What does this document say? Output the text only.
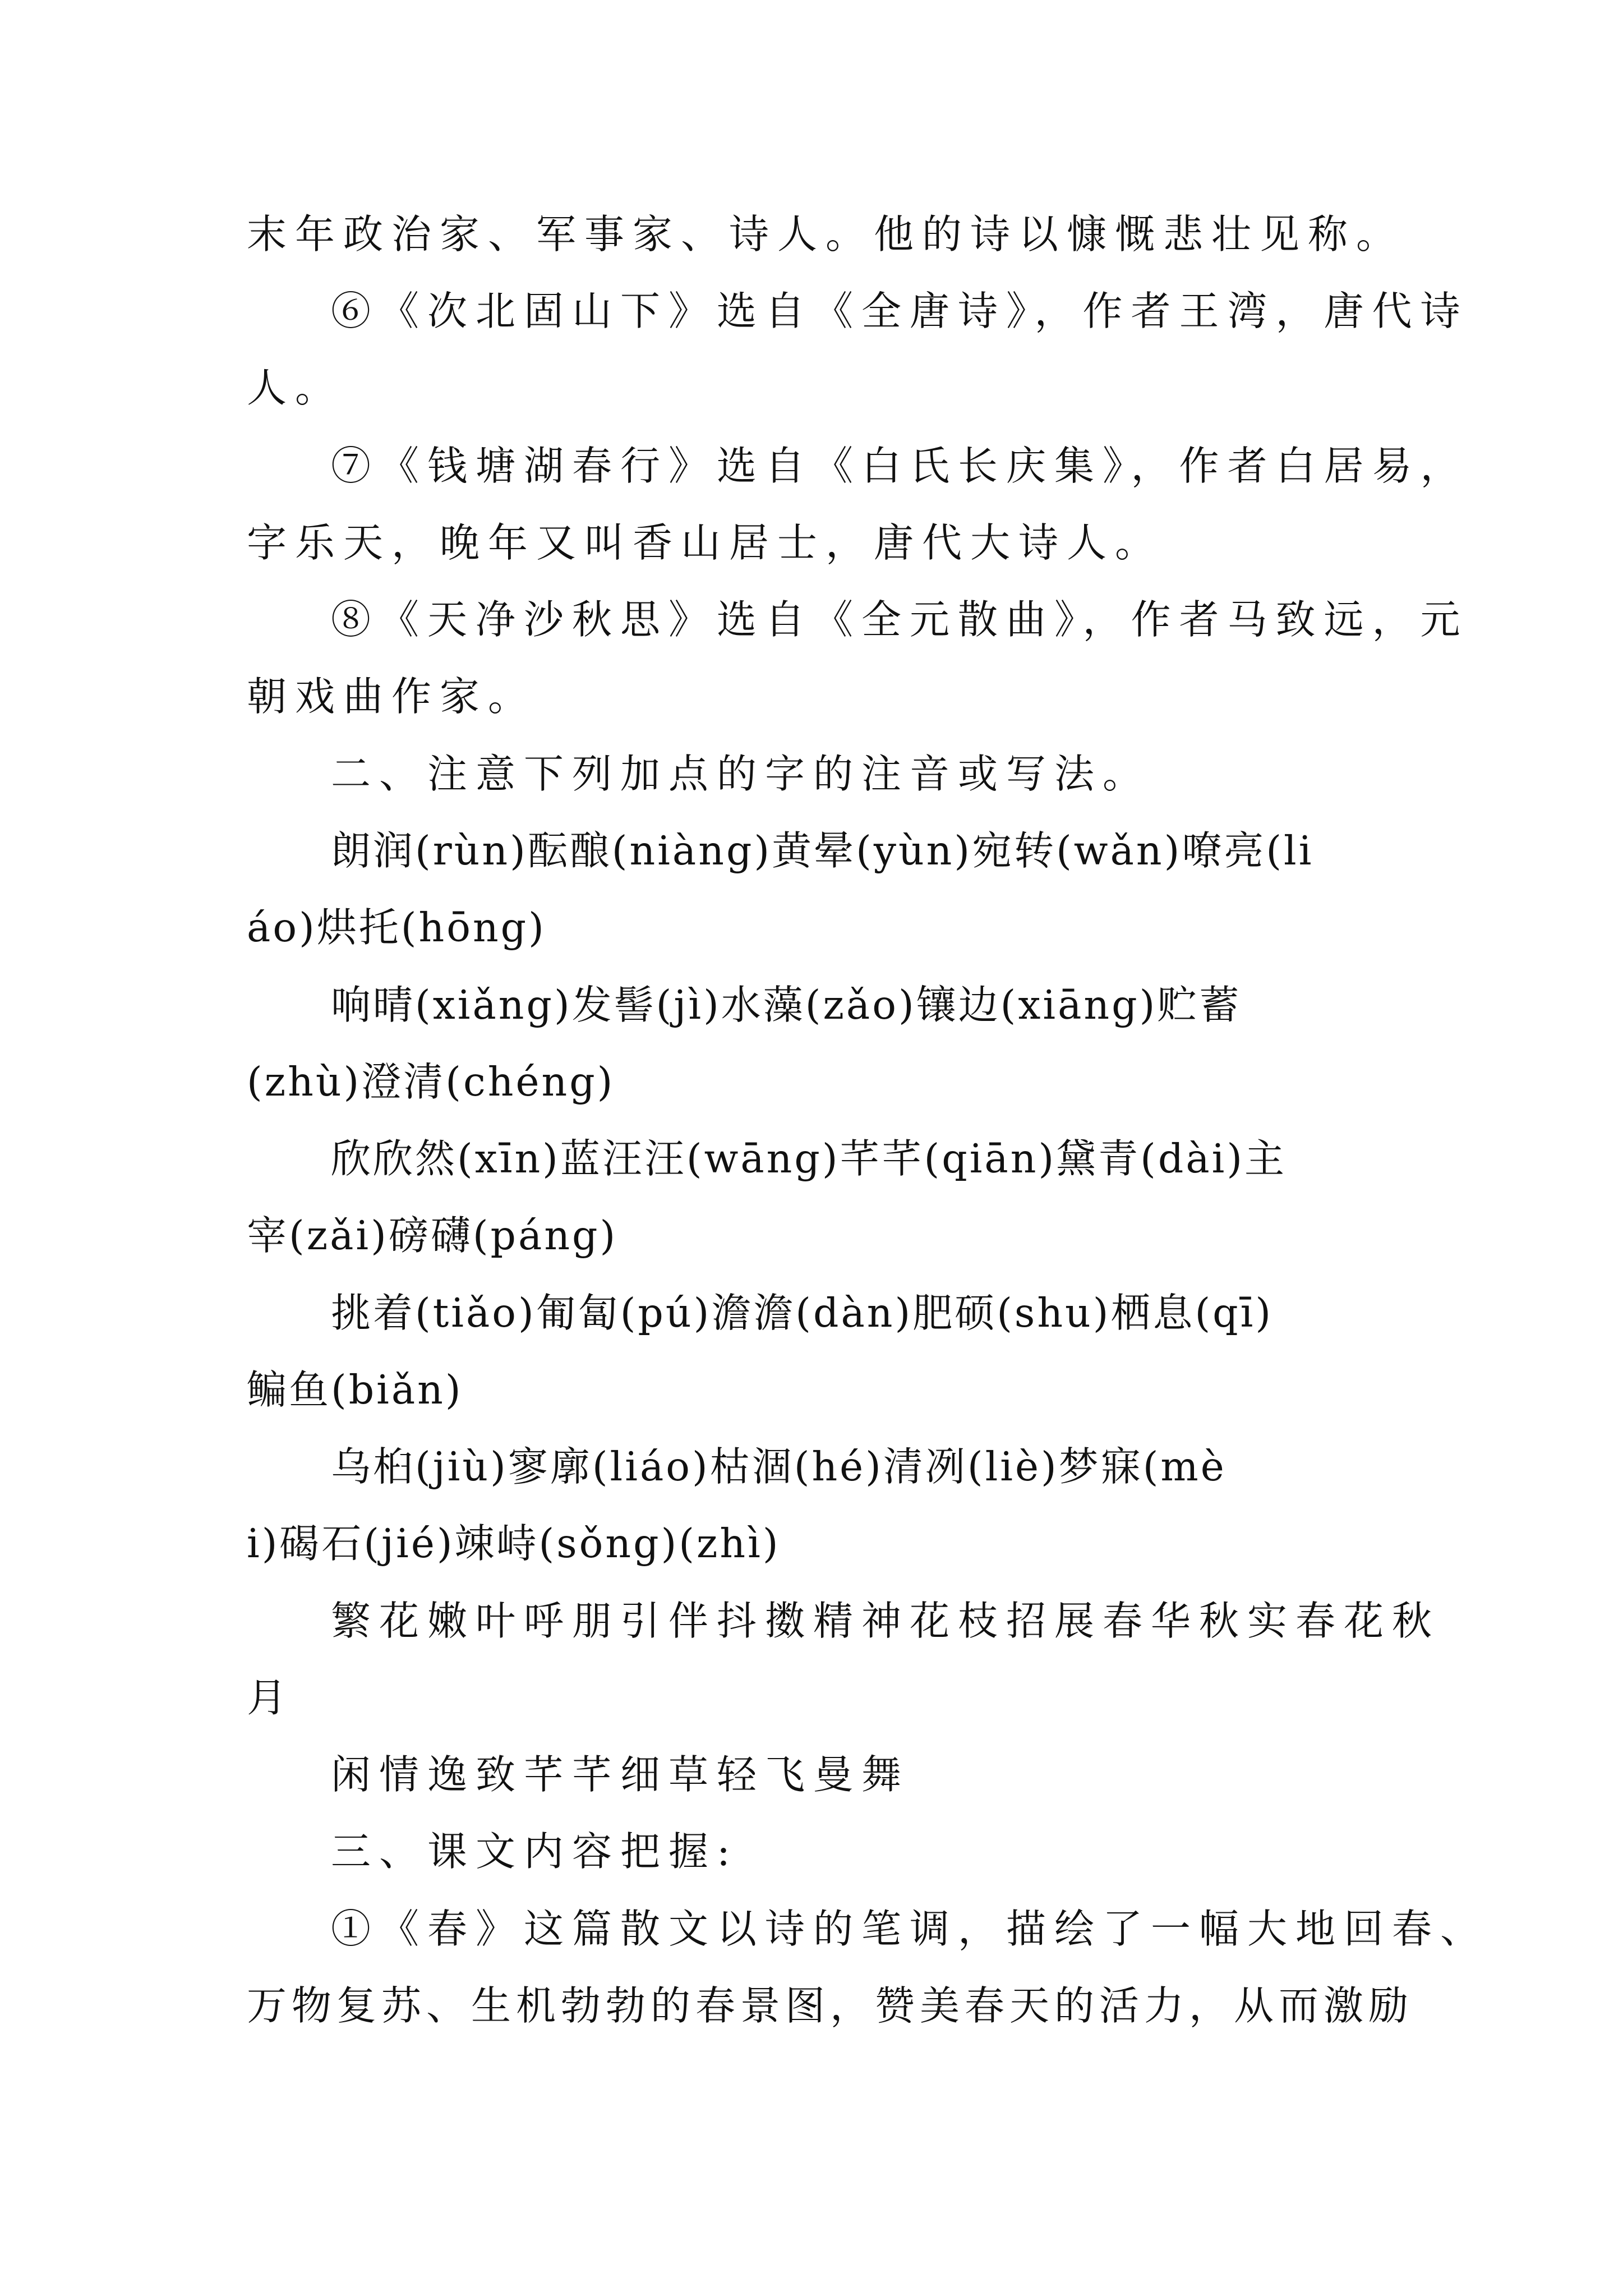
末年政治家、军事家、诗人。他的诗以慷慨悲壮见称。

⑥《次北固山下》选自《全唐诗》，作者王湾，唐代诗

人。

⑦《钱塘湖春行》选自《白氏长庆集》，作者白居易，

字乐天，晚年又叫香山居士，唐代大诗人。

⑧《天净沙秋思》选自《全元散曲》，作者马致远，元

朝戏曲作家。

二、注意下列加点的字的注音或写法。

朗润(rùn)酝酿(niàng)黄晕(yùn)宛转(wǎn)嘹亮(li

áo)烘托(hōng)

响晴(xiǎng)发髻(jì)水藻(zǎo)镶边(xiāng)贮蓄

(zhù)澄清(chéng)

欣欣然(xīn)蓝汪汪(wāng)芊芊(qiān)黛青(dài)主

宰(zǎi)磅礴(páng)

挑着(tiǎo)匍匐(pú)澹澹(dàn)肥硕(shu)栖息(qī)

鳊鱼(biǎn)

乌桕(jiù)寥廓(liáo)枯涸(hé)清冽(liè)梦寐(mè

i)碣石(jié)竦峙(sǒng)(zhì)

繁花嫩叶呼朋引伴抖擞精神花枝招展春华秋实春花秋

月

闲情逸致芊芊细草轻飞曼舞

三、课文内容把握:

①《春》这篇散文以诗的笔调，描绘了一幅大地回春、

万物复苏、生机勃勃的春景图，赞美春天的活力，从而激励
